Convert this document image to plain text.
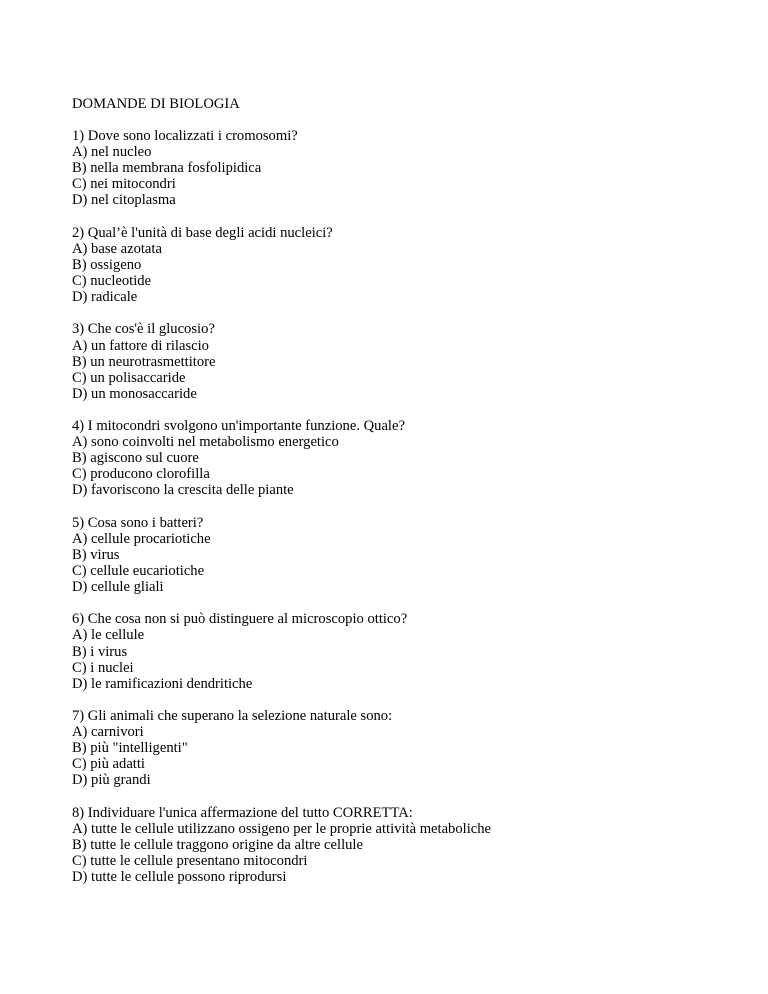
DOMANDE DI BIOLOGIA
1) Dove sono localizzati i cromosomi?
A) nel nucleo
B) nella membrana fosfolipidica
C) nei mitocondri
D) nel citoplasma
2) Qual’è l'unità di base degli acidi nucleici?
A) base azotata
B) ossigeno
C) nucleotide
D) radicale
3) Che cos'è il glucosio?
A) un fattore di rilascio
B) un neurotrasmettitore
C) un polisaccaride
D) un monosaccaride
4) I mitocondri svolgono un'importante funzione. Quale?
A) sono coinvolti nel metabolismo energetico
B) agiscono sul cuore
C) producono clorofilla
D) favoriscono la crescita delle piante
5) Cosa sono i batteri?
A) cellule procariotiche
B) virus
C) cellule eucariotiche
D) cellule gliali
6) Che cosa non si può distinguere al microscopio ottico?
A) le cellule
B) i virus
C) i nuclei
D) le ramificazioni dendritiche
7) Gli animali che superano la selezione naturale sono:
A) carnivori
B) più "intelligenti"
C) più adatti
D) più grandi
8) Individuare l'unica affermazione del tutto CORRETTA:
A) tutte le cellule utilizzano ossigeno per le proprie attività metaboliche
B) tutte le cellule traggono origine da altre cellule
C) tutte le cellule presentano mitocondri
D) tutte le cellule possono riprodursi
